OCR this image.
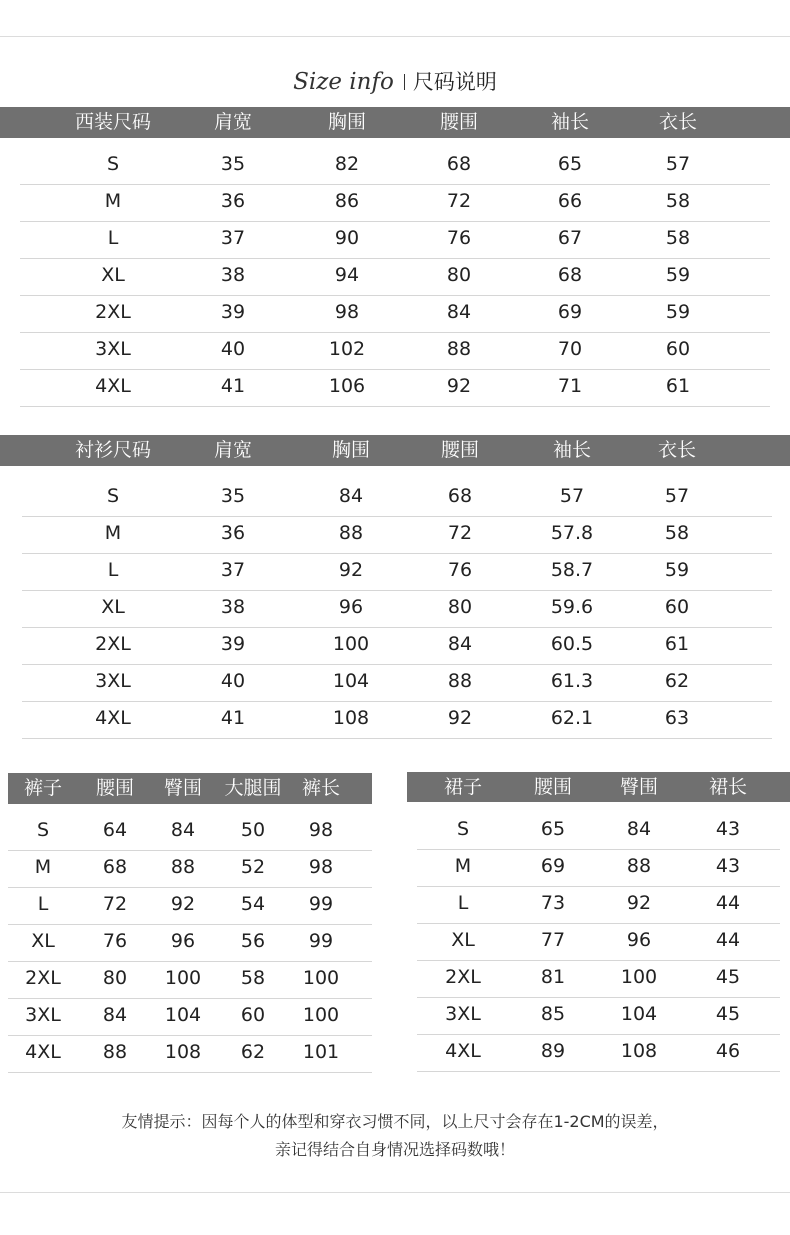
Size info 尺码说明
西装尺码	肩宽	胸围	腰围	袖长	衣长
S	35	82	68	65	57
M	36	86	72	66	58
L	37	90	76	67	58
XL	38	94	80	68	59
2XL	39	98	84	69	59
3XL	40	102	88	70	60
4XL	41	106	92	71	61
衬衫尺码	肩宽	胸围	腰围	袖长	衣长
S	35	84	68	57	57
M	36	88	72	57.8	58
L	37	92	76	58.7	59
XL	38	96	80	59.6	60
2XL	39	100	84	60.5	61
3XL	40	104	88	61.3	62
4XL	41	108	92	62.1	63
裤子 腰围 臀围 大腿围 裤长
S	64 84 50 98
M	68 88 52 98
L	72 92 54 99
XL	76 96 56 99
2XL 80 100 58 100
3XL 84 104 60 100
4XL 88 108 62 101
裙子	腰围	臀围	裙长
S	65	84	43
M	69	88	43
L	73	92	44
XL	77	96	44
2XL	81	100	45
3XL	85	104	45
4XL	89	108	46
友情提示：因每个人的体型和穿衣习惯不同，以上尺寸会存在1-2CM的误差，
亲记得结合自身情况选择码数哦！
